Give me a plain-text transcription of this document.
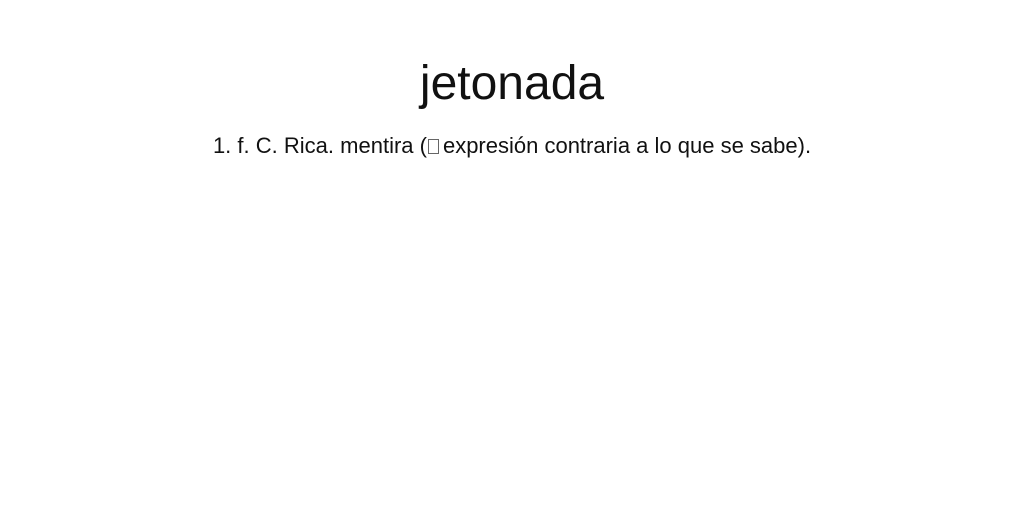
jetonada

1. f. C. Rica. mentira ( expresión contraria a lo que se sabe).
